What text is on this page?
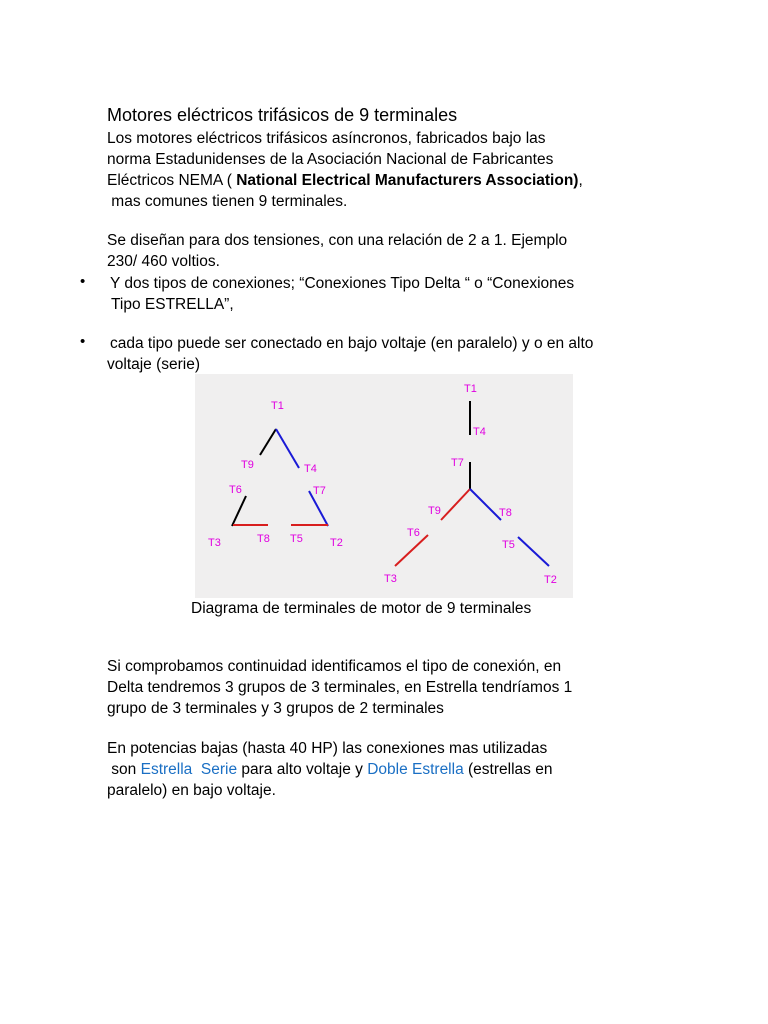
Motores eléctricos trifásicos de 9 terminales
Los motores eléctricos trifásicos asíncronos, fabricados bajo las
norma Estadunidenses de la Asociación Nacional de Fabricantes
Eléctricos NEMA ( National Electrical Manufacturers Association),
mas comunes tienen 9 terminales.
Se diseñan para dos tensiones, con una relación de 2 a 1. Ejemplo
230/ 460 voltios.
• Y dos tipos de conexiones; “Conexiones Tipo Delta “ o “Conexiones
Tipo ESTRELLA”,
• cada tipo puede ser conectado en bajo voltaje (en paralelo) y o en alto
voltaje (serie)
T1
T9	T4
T6	T7
T3	T8 T5 T2
T1
T4
T7
T9	T8
T6
T5
T3	T2
Diagrama de terminales de motor de 9 terminales
Si comprobamos continuidad identificamos el tipo de conexión, en
Delta tendremos 3 grupos de 3 terminales, en Estrella tendríamos 1
grupo de 3 terminales y 3 grupos de 2 terminales
En potencias bajas (hasta 40 HP) las conexiones mas utilizadas
son Estrella  Serie para alto voltaje y Doble Estrella (estrellas en
paralelo) en bajo voltaje.
